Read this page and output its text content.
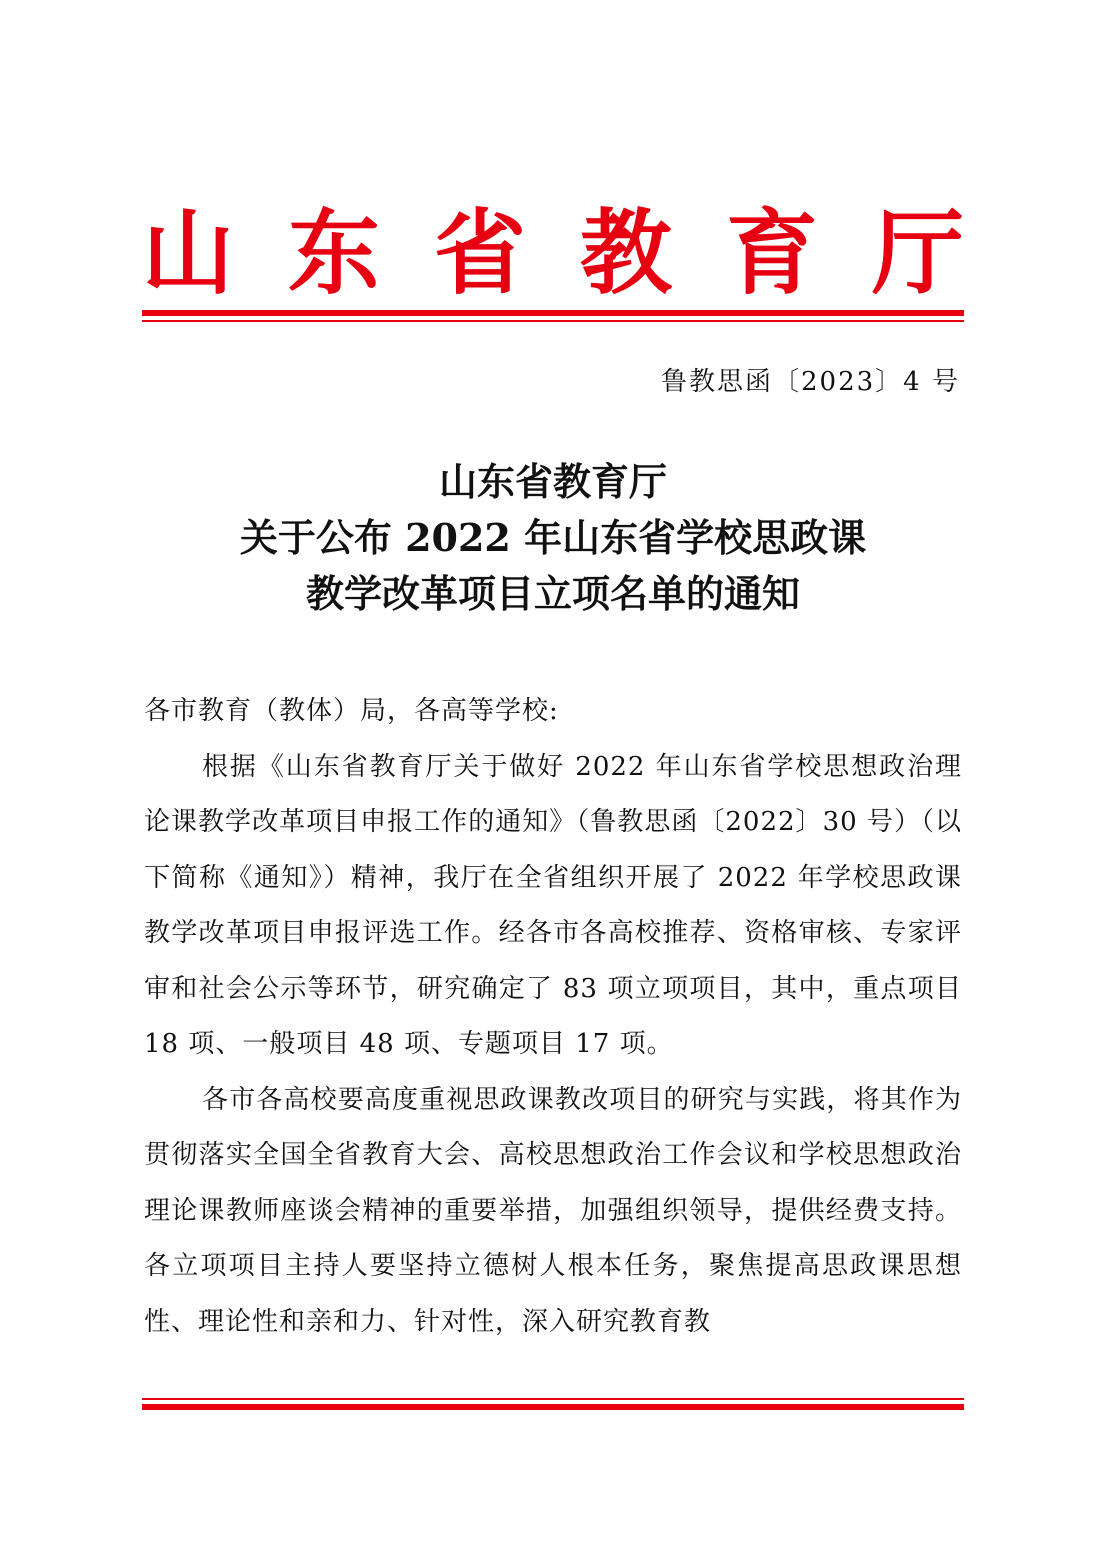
山 东 省 教 育 厅
鲁教思函〔2023〕4 号
山东省教育厅
关于公布 2022 年山东省学校思政课
教学改革项目立项名单的通知

各市教育（教体）局，各高等学校:

根据《山东省教育厅关于做好 2022 年山东省学校思想政治理论课教学改革项目申报工作的通知》（鲁教思函〔2022〕30 号）（以下简称《通知》）精神，我厅在全省组织开展了 2022 年学校思政课教学改革项目申报评选工作。经各市各高校推荐、资格审核、专家评审和社会公示等环节，研究确定了 83 项立项项目，其中，重点项目 18 项、一般项目 48 项、专题项目 17 项。

各市各高校要高度重视思政课教改项目的研究与实践，将其作为贯彻落实全国全省教育大会、高校思想政治工作会议和学校思想政治理论课教师座谈会精神的重要举措，加强组织领导，提供经费支持。各立项项目主持人要坚持立德树人根本任务，聚焦提高思政课思想性、理论性和亲和力、针对性，深入研究教育教
